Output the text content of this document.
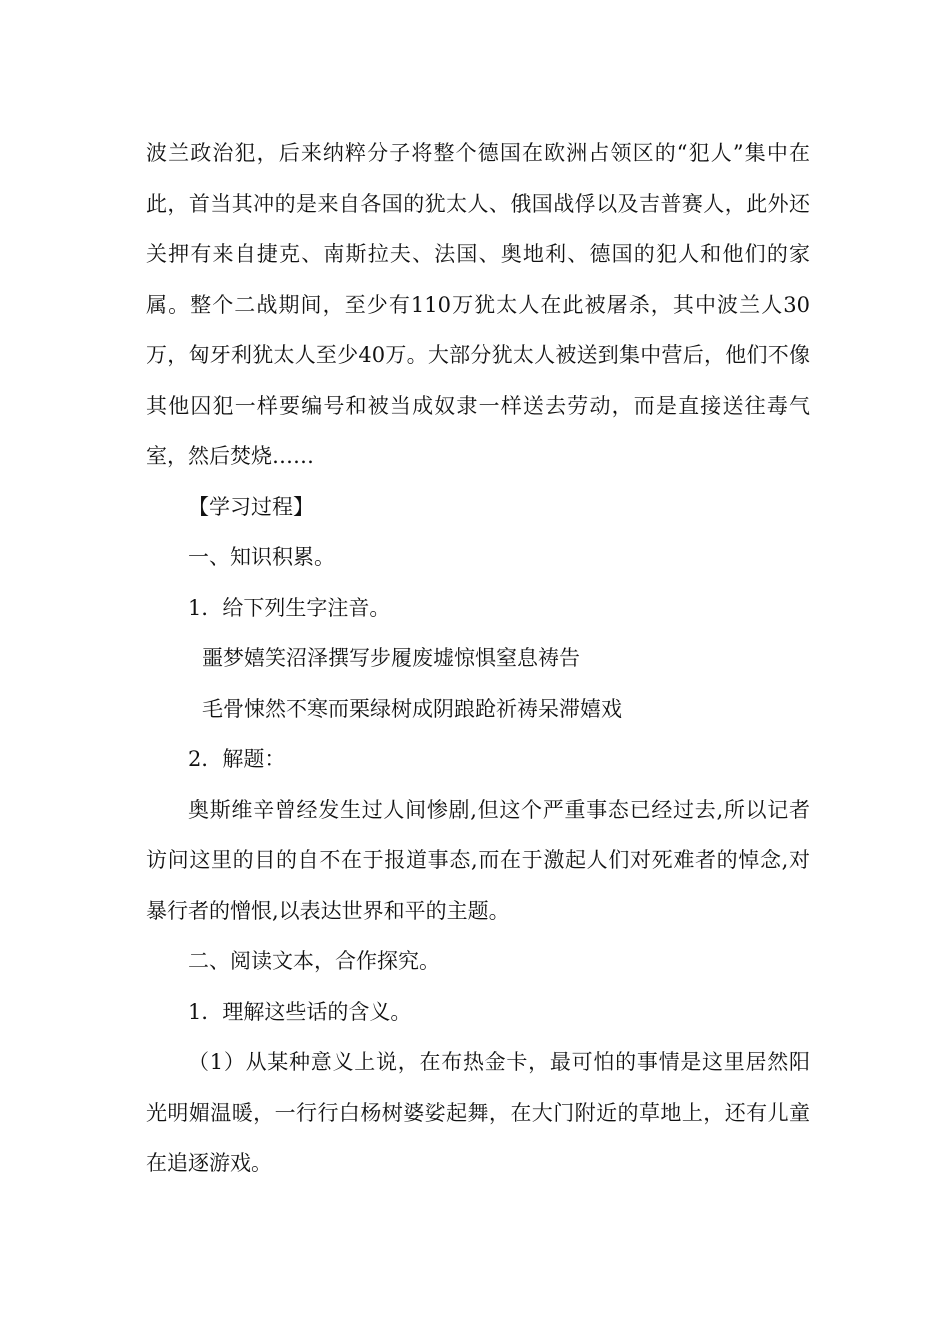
波兰政治犯，后来纳粹分子将整个德国在欧洲占领区的“犯人”集中在此，首当其冲的是来自各国的犹太人、俄国战俘以及吉普赛人，此外还关押有来自捷克、南斯拉夫、法国、奥地利、德国的犯人和他们的家属。整个二战期间，至少有110万犹太人在此被屠杀，其中波兰人30万，匈牙利犹太人至少40万。大部分犹太人被送到集中营后，他们不像其他囚犯一样要编号和被当成奴隶一样送去劳动，而是直接送往毒气室，然后焚烧……

【学习过程】

一、知识积累。

1．给下列生字注音。

噩梦嬉笑沼泽撰写步履废墟惊惧窒息祷告

毛骨悚然不寒而栗绿树成阴踉跄祈祷呆滞嬉戏

2．解题：

奥斯维辛曾经发生过人间惨剧,但这个严重事态已经过去,所以记者访问这里的目的自不在于报道事态,而在于激起人们对死难者的悼念,对暴行者的憎恨,以表达世界和平的主题。

二、阅读文本，合作探究。

1．理解这些话的含义。

（1）从某种意义上说，在布热金卡，最可怕的事情是这里居然阳光明媚温暖，一行行白杨树婆娑起舞，在大门附近的草地上，还有儿童在追逐游戏。
